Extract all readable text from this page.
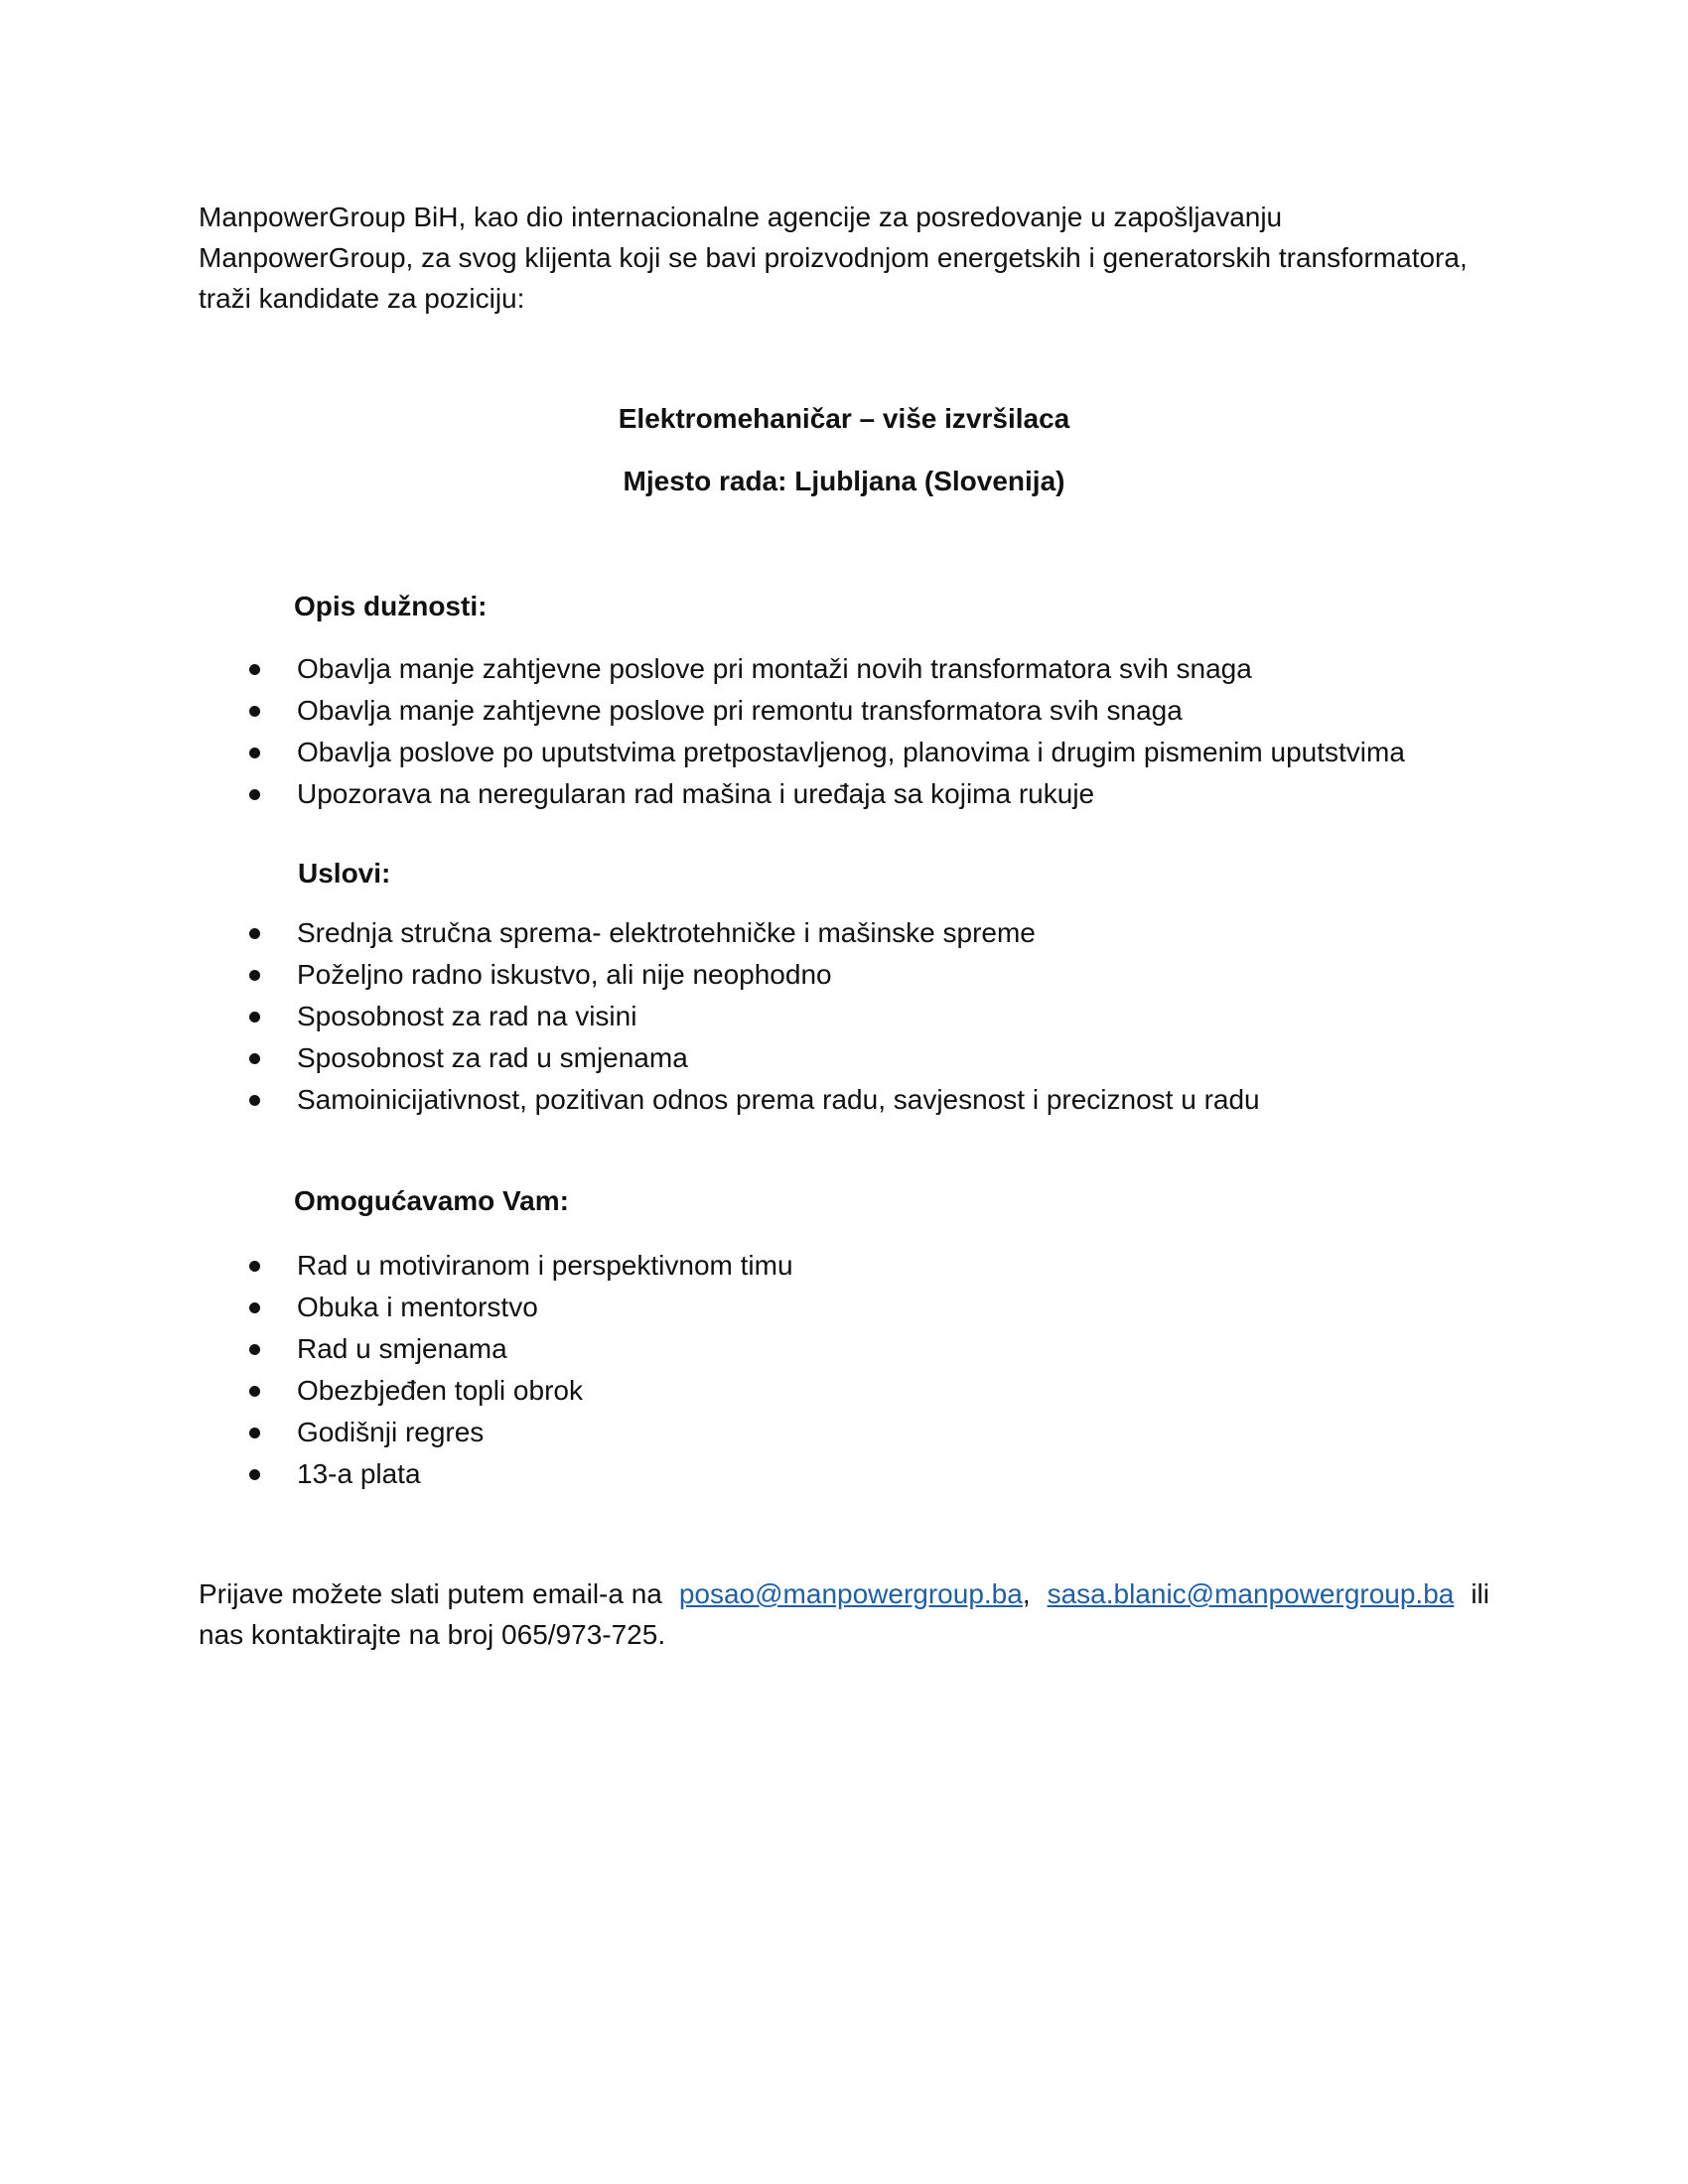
ManpowerGroup BiH, kao dio internacionalne agencije za posredovanje u zapošljavanju
ManpowerGroup, za svog klijenta koji se bavi proizvodnjom energetskih i generatorskih transformatora,
traži kandidate za poziciju:
Elektromehaničar – više izvršilaca
Mjesto rada: Ljubljana (Slovenija)
Opis dužnosti:
Obavlja manje zahtjevne poslove pri montaži novih transformatora svih snaga
Obavlja manje zahtjevne poslove pri remontu transformatora svih snaga
Obavlja poslove po uputstvima pretpostavljenog, planovima i drugim pismenim uputstvima
Upozorava na neregularan rad mašina i uređaja sa kojima rukuje
Uslovi:
Srednja stručna sprema- elektrotehničke i mašinske spreme
Poželjno radno iskustvo, ali nije neophodno
Sposobnost za rad na visini
Sposobnost za rad u smjenama
Samoinicijativnost, pozitivan odnos prema radu, savjesnost i preciznost u radu
Omogućavamo Vam:
Rad u motiviranom i perspektivnom timu
Obuka i mentorstvo
Rad u smjenama
Obezbjeđen topli obrok
Godišnji regres
13-a plata
Prijave možete slati putem email-a na posao@manpowergroup.ba, sasa.blanic@manpowergroup.ba ili
nas kontaktirajte na broj 065/973-725.
